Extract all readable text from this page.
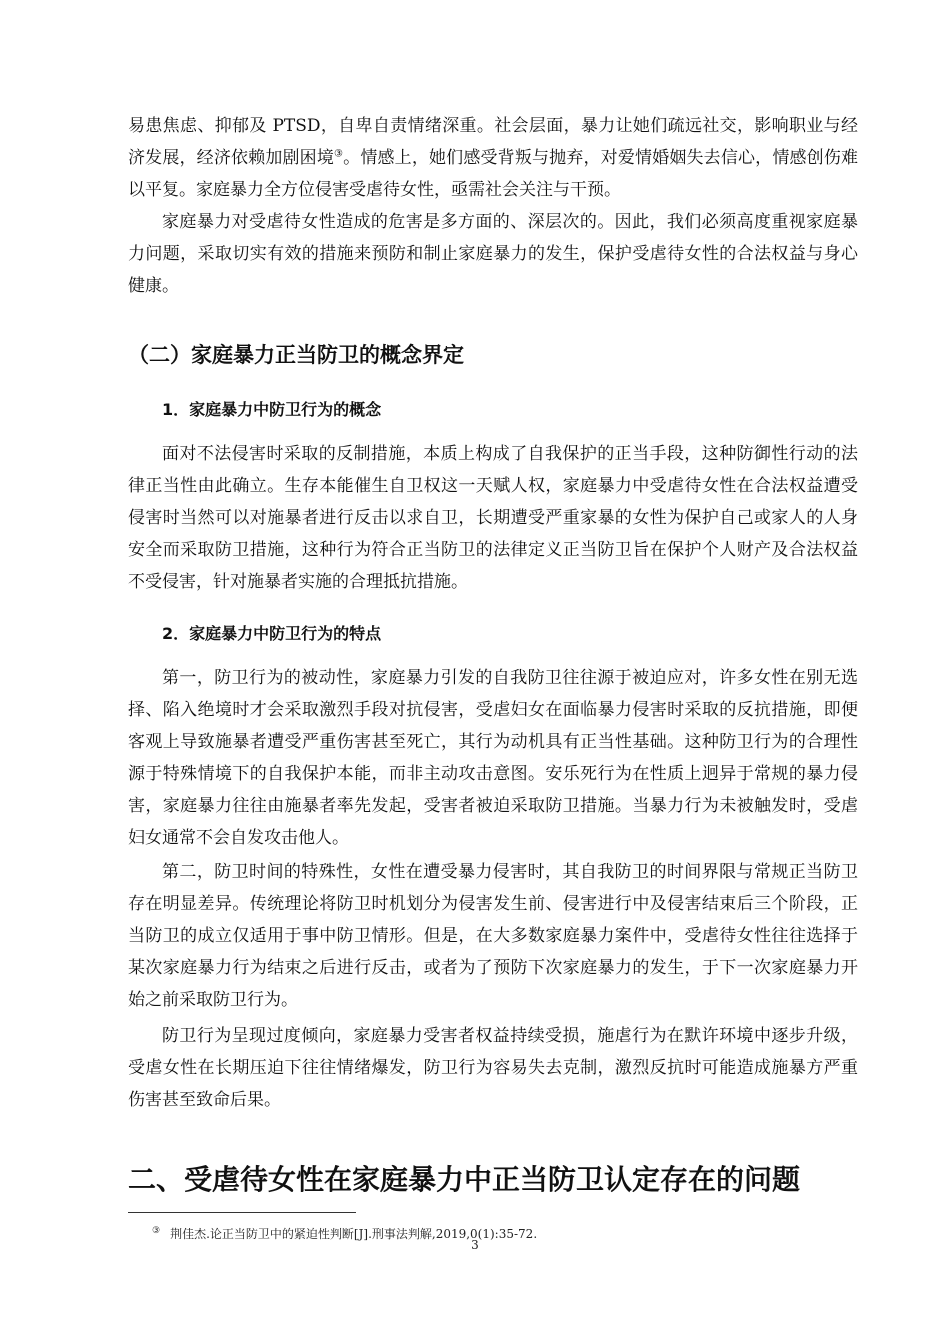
易患焦虑、抑郁及 PTSD，自卑自责情绪深重。社会层面，暴力让她们疏远社交，影响职业与经济发展，经济依赖加剧困境③。情感上，她们感受背叛与抛弃，对爱情婚姻失去信心，情感创伤难以平复。家庭暴力全方位侵害受虐待女性，亟需社会关注与干预。

家庭暴力对受虐待女性造成的危害是多方面的、深层次的。因此，我们必须高度重视家庭暴力问题，采取切实有效的措施来预防和制止家庭暴力的发生，保护受虐待女性的合法权益与身心健康。

（二）家庭暴力正当防卫的概念界定
1．家庭暴力中防卫行为的概念

面对不法侵害时采取的反制措施，本质上构成了自我保护的正当手段，这种防御性行动的法律正当性由此确立。生存本能催生自卫权这一天赋人权，家庭暴力中受虐待女性在合法权益遭受侵害时当然可以对施暴者进行反击以求自卫，长期遭受严重家暴的女性为保护自己或家人的人身安全而采取防卫措施，这种行为符合正当防卫的法律定义正当防卫旨在保护个人财产及合法权益不受侵害，针对施暴者实施的合理抵抗措施。

2．家庭暴力中防卫行为的特点

第一，防卫行为的被动性，家庭暴力引发的自我防卫往往源于被迫应对，许多女性在别无选择、陷入绝境时才会采取激烈手段对抗侵害，受虐妇女在面临暴力侵害时采取的反抗措施，即便客观上导致施暴者遭受严重伤害甚至死亡，其行为动机具有正当性基础。这种防卫行为的合理性源于特殊情境下的自我保护本能，而非主动攻击意图。安乐死行为在性质上迥异于常规的暴力侵害，家庭暴力往往由施暴者率先发起，受害者被迫采取防卫措施。当暴力行为未被触发时，受虐妇女通常不会自发攻击他人。

第二，防卫时间的特殊性，女性在遭受暴力侵害时，其自我防卫的时间界限与常规正当防卫存在明显差异。传统理论将防卫时机划分为侵害发生前、侵害进行中及侵害结束后三个阶段，正当防卫的成立仅适用于事中防卫情形。但是，在大多数家庭暴力案件中，受虐待女性往往选择于某次家庭暴力行为结束之后进行反击，或者为了预防下次家庭暴力的发生，于下一次家庭暴力开始之前采取防卫行为。

防卫行为呈现过度倾向，家庭暴力受害者权益持续受损，施虐行为在默许环境中逐步升级，受虐女性在长期压迫下往往情绪爆发，防卫行为容易失去克制，激烈反抗时可能造成施暴方严重伤害甚至致命后果。

二、受虐待女性在家庭暴力中正当防卫认定存在的问题

③ 荆佳杰.论正当防卫中的紧迫性判断[J].刑事法判解,2019,0(1):35-72.

3
